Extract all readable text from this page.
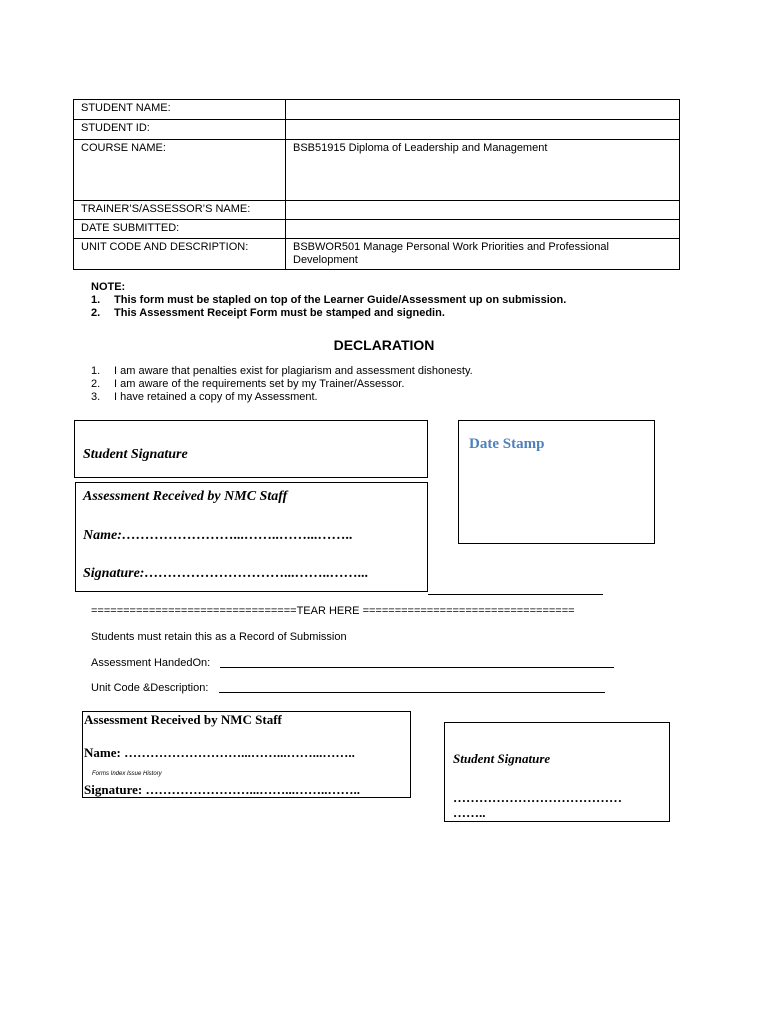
STUDENT NAME:	
STUDENT ID:	
COURSE NAME:	BSB51915 Diploma of Leadership and Management
TRAINER’S/ASSESSOR’S NAME:	
DATE SUBMITTED:	
UNIT CODE AND DESCRIPTION:	BSBWOR501 Manage Personal Work Priorities and Professional Development
NOTE:
1.	This form must be stapled on top of the Learner Guide/Assessment up on submission.
2.	This Assessment Receipt Form must be stamped and signedin.
DECLARATION
1.	I am aware that penalties exist for plagiarism and assessment dishonesty.
2.	I am aware of the requirements set by my Trainer/Assessor.
3.	I have retained a copy of my Assessment.
Student Signature
Assessment Received by NMC Staff
Name:……………………...……..……...……..
Signature:…………………………...……..……...
Date Stamp
================================TEAR HERE =================================
Students must retain this as a Record of Submission
Assessment HandedOn:
Unit Code &Description:
Assessment Received by NMC Staff
Name: ………………………...……...……...……..
Forms Index Issue History
Signature: ……………………...……...……..……..
Student Signature
…………………………………
……..
